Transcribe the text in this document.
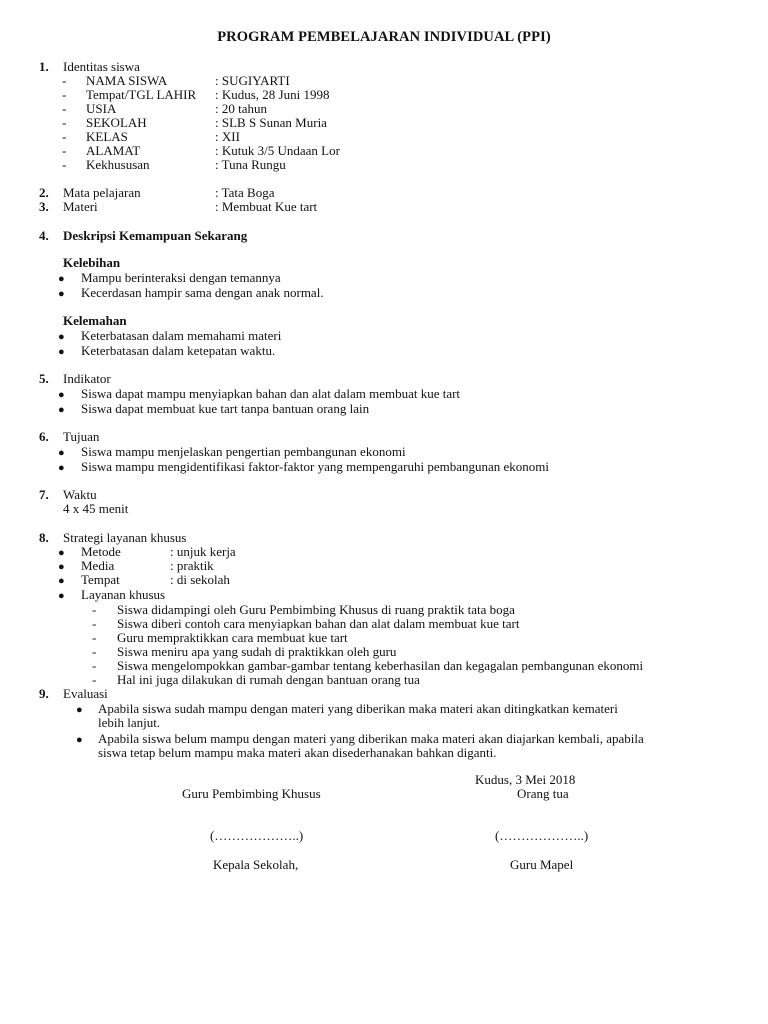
PROGRAM PEMBELAJARAN INDIVIDUAL (PPI)
1. Identitas siswa
- NAMA SISWA	: SUGIYARTI
- Tempat/TGL LAHIR : Kudus, 28 Juni 1998
- USIA	: 20 tahun
- SEKOLAH	: SLB S Sunan Muria
- KELAS	: XII
- ALAMAT	: Kutuk 3/5 Undaan Lor
- Kekhususan	: Tuna Rungu
2. Mata pelajaran	: Tata Boga
3. Materi	: Membuat Kue tart
4. Deskripsi Kemampuan Sekarang
Kelebihan
● Mampu berinteraksi dengan temannya
● Kecerdasan hampir sama dengan anak normal.
Kelemahan
● Keterbatasan dalam memahami materi
● Keterbatasan dalam ketepatan waktu.
5. Indikator
● Siswa dapat mampu menyiapkan bahan dan alat dalam membuat kue tart
● Siswa dapat membuat kue tart tanpa bantuan orang lain
6. Tujuan
● Siswa mampu menjelaskan pengertian pembangunan ekonomi
● Siswa mampu mengidentifikasi faktor-faktor yang mempengaruhi pembangunan ekonomi
7. Waktu
4 x 45 menit
8. Strategi layanan khusus
● Metode	: unjuk kerja
● Media	: praktik
● Tempat	: di sekolah
● Layanan khusus
- Siswa didampingi oleh Guru Pembimbing Khusus di ruang praktik tata boga
- Siswa diberi contoh cara menyiapkan bahan dan alat dalam membuat kue tart
- Guru mempraktikkan cara membuat kue tart
- Siswa meniru apa yang sudah di praktikkan oleh guru
- Siswa mengelompokkan gambar-gambar tentang keberhasilan dan kegagalan pembangunan ekonomi
- Hal ini juga dilakukan di rumah dengan bantuan orang tua
9. Evaluasi
● Apabila siswa sudah mampu dengan materi yang diberikan maka materi akan ditingkatkan kemateri
lebih lanjut.
● Apabila siswa belum mampu dengan materi yang diberikan maka materi akan diajarkan kembali, apabila
siswa tetap belum mampu maka materi akan disederhanakan bahkan diganti.
Kudus, 3 Mei 2018
Guru Pembimbing Khusus	Orang tua
(………………..)	(………………..)
Kepala Sekolah,	Guru Mapel
